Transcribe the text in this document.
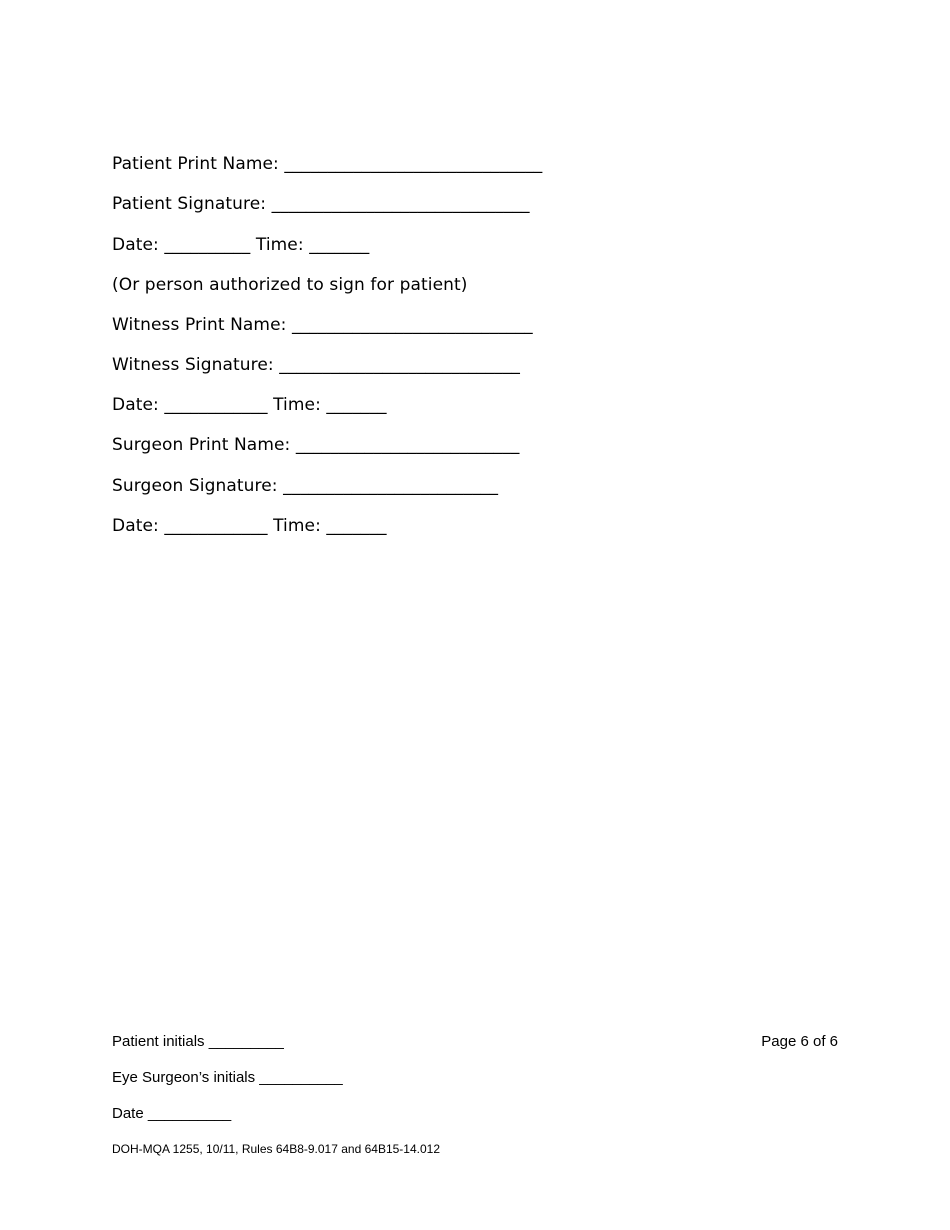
Patient Print Name: ______________________________
Patient Signature: ______________________________
Date: __________ Time: _______
(Or person authorized to sign for patient)
Witness Print Name: ____________________________
Witness Signature: ____________________________
Date: ____________ Time: _______
Surgeon Print Name: __________________________
Surgeon Signature: _________________________
Date: ____________ Time: _______
Patient initials _________	Page 6 of 6
Eye Surgeon’s initials __________
Date __________
DOH-MQA 1255, 10/11, Rules 64B8-9.017 and 64B15-14.012
